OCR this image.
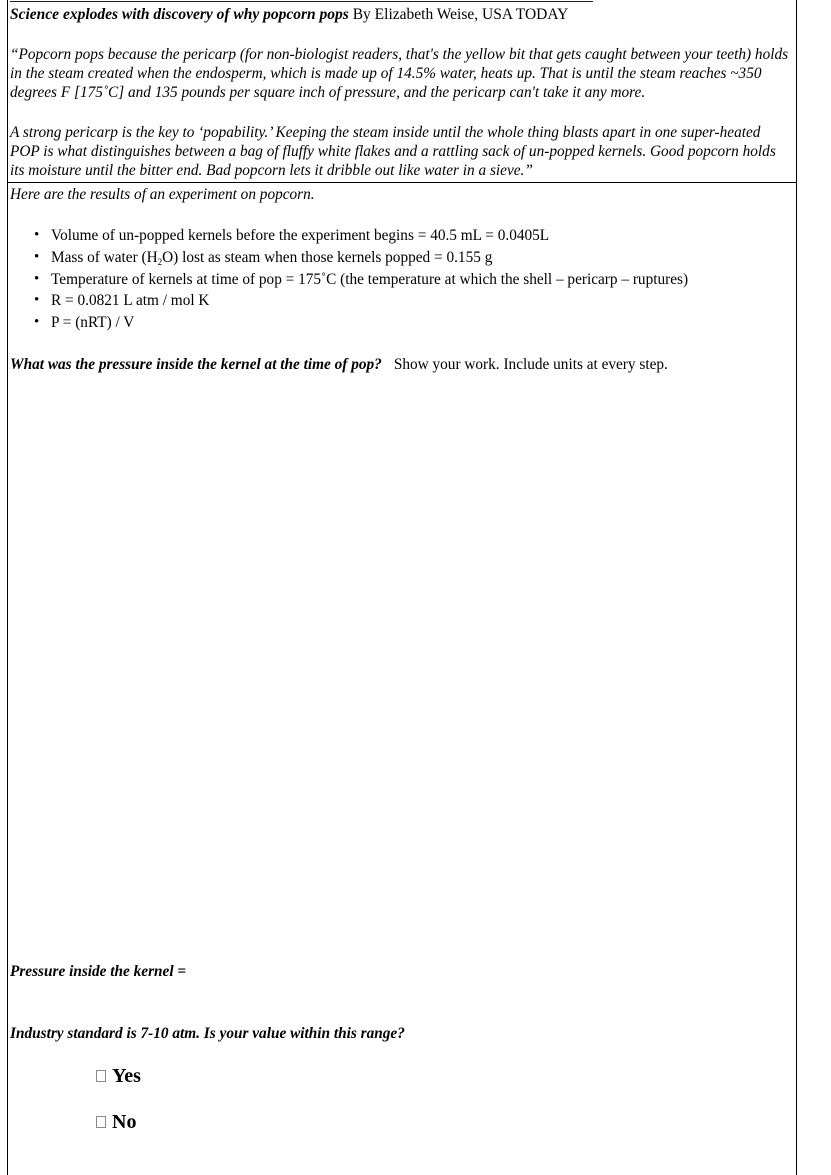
Science explodes with discovery of why popcorn pops By Elizabeth Weise, USA TODAY
“Popcorn pops because the pericarp (for non-biologist readers, that's the yellow bit that gets caught between your teeth) holds in the steam created when the endosperm, which is made up of 14.5% water, heats up. That is until the steam reaches ~350 degrees F [175˚C] and 135 pounds per square inch of pressure, and the pericarp can't take it any more.
A strong pericarp is the key to ‘popability.’ Keeping the steam inside until the whole thing blasts apart in one super-heated POP is what distinguishes between a bag of fluffy white flakes and a rattling sack of un-popped kernels. Good popcorn holds its moisture until the bitter end. Bad popcorn lets it dribble out like water in a sieve.”
Here are the results of an experiment on popcorn.
• Volume of un-popped kernels before the experiment begins = 40.5 mL = 0.0405L
• Mass of water $(H_2O)$ lost as steam when those kernels popped = 0.155 g
• Temperature of kernels at time of pop = 175˚C (the temperature at which the shell – pericarp – ruptures)
• R = 0.0821 L atm / mol K
• P = (nRT) / V
What was the pressure inside the kernel at the time of pop? Show your work. Include units at every step.
Pressure inside the kernel =
Industry standard is 7-10 atm. Is your value within this range?
Yes
No
